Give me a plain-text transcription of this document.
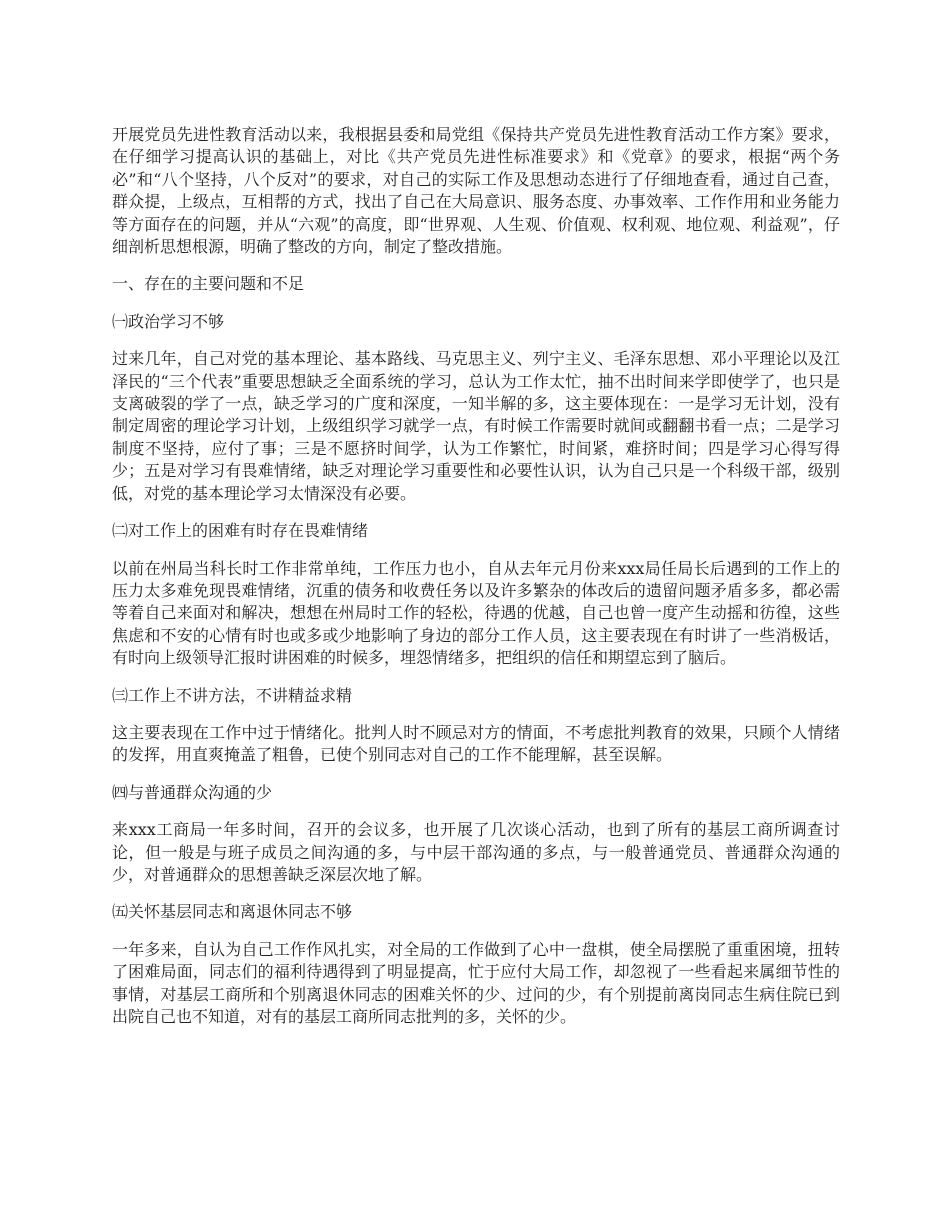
开展党员先进性教育活动以来，我根据县委和局党组《保持共产党员先进性教育活动工作方案》要求，在仔细学习提高认识的基础上，对比《共产党员先进性标准要求》和《党章》的要求，根据“两个务必”和“八个坚持，八个反对”的要求，对自己的实际工作及思想动态进行了仔细地查看，通过自己查，群众提，上级点，互相帮的方式，找出了自己在大局意识、服务态度、办事效率、工作作用和业务能力等方面存在的问题，并从“六观”的高度，即“世界观、人生观、价值观、权利观、地位观、利益观”，仔细剖析思想根源，明确了整改的方向，制定了整改措施。

一、存在的主要问题和不足

㈠政治学习不够

过来几年，自己对党的基本理论、基本路线、马克思主义、列宁主义、毛泽东思想、邓小平理论以及江泽民的“三个代表”重要思想缺乏全面系统的学习，总认为工作太忙，抽不出时间来学即使学了，也只是支离破裂的学了一点，缺乏学习的广度和深度，一知半解的多，这主要体现在：一是学习无计划，没有制定周密的理论学习计划，上级组织学习就学一点，有时候工作需要时就间或翻翻书看一点；二是学习制度不坚持，应付了事；三是不愿挤时间学，认为工作繁忙，时间紧，难挤时间；四是学习心得写得少；五是对学习有畏难情绪，缺乏对理论学习重要性和必要性认识，认为自己只是一个科级干部，级别低，对党的基本理论学习太情深没有必要。

㈡对工作上的困难有时存在畏难情绪

以前在州局当科长时工作非常单纯，工作压力也小，自从去年元月份来xxx局任局长后遇到的工作上的压力太多难免现畏难情绪，沉重的债务和收费任务以及许多繁杂的体改后的遗留问题矛盾多多，都必需等着自己来面对和解决，想想在州局时工作的轻松，待遇的优越，自己也曾一度产生动摇和彷徨，这些焦虑和不安的心情有时也或多或少地影响了身边的部分工作人员，这主要表现在有时讲了一些消极话，有时向上级领导汇报时讲困难的时候多，埋怨情绪多，把组织的信任和期望忘到了脑后。

㈢工作上不讲方法，不讲精益求精

这主要表现在工作中过于情绪化。批判人时不顾忌对方的情面，不考虑批判教育的效果，只顾个人情绪的发挥，用直爽掩盖了粗鲁，已使个别同志对自己的工作不能理解，甚至误解。

㈣与普通群众沟通的少

来xxx工商局一年多时间，召开的会议多，也开展了几次谈心活动，也到了所有的基层工商所调查讨论，但一般是与班子成员之间沟通的多，与中层干部沟通的多点，与一般普通党员、普通群众沟通的少，对普通群众的思想善缺乏深层次地了解。

㈤关怀基层同志和离退休同志不够

一年多来，自认为自己工作作风扎实，对全局的工作做到了心中一盘棋，使全局摆脱了重重困境，扭转了困难局面，同志们的福利待遇得到了明显提高，忙于应付大局工作，却忽视了一些看起来属细节性的事情，对基层工商所和个别离退休同志的困难关怀的少、过问的少，有个别提前离岗同志生病住院已到出院自己也不知道，对有的基层工商所同志批判的多，关怀的少。
